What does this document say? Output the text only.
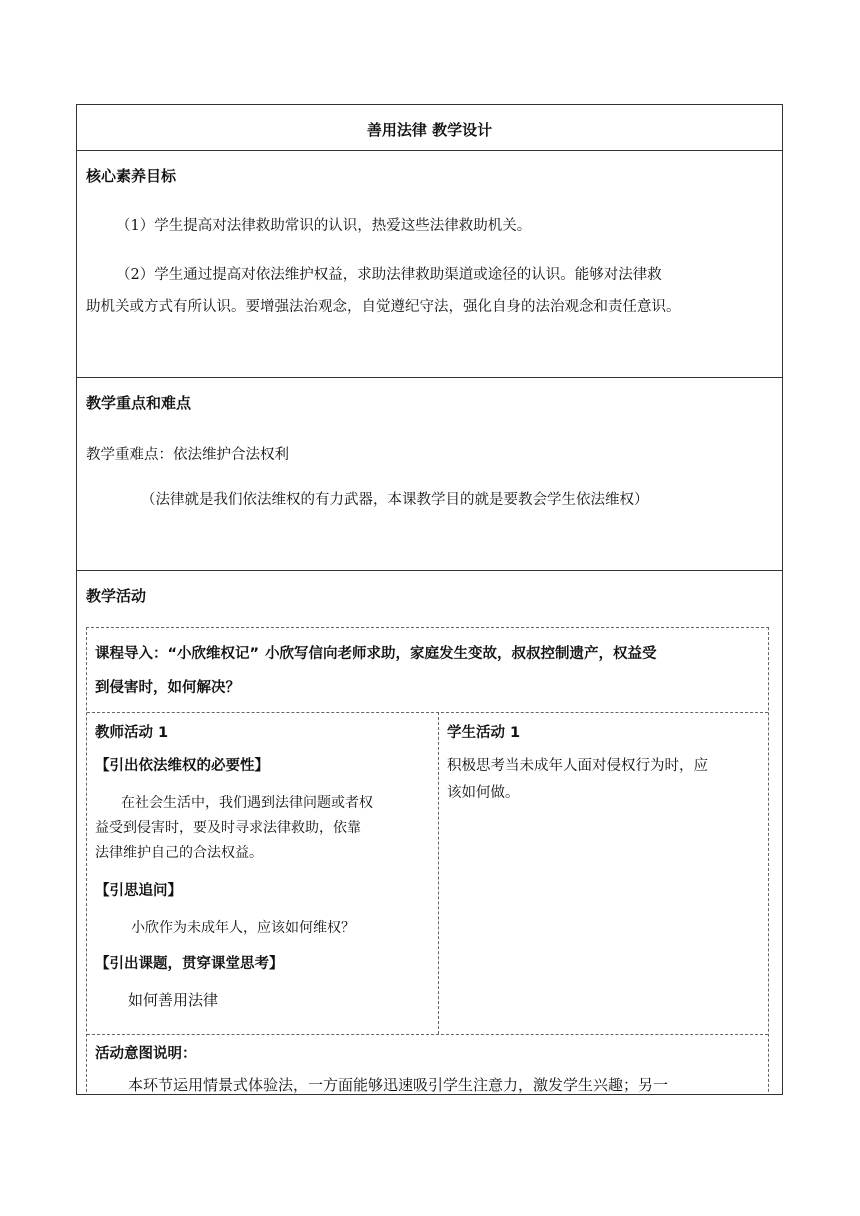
善用法律 教学设计
核心素养目标
（1）学生提高对法律救助常识的认识，热爱这些法律救助机关。
（2）学生通过提高对依法维护权益，求助法律救助渠道或途径的认识。能够对法律救
助机关或方式有所认识。要增强法治观念，自觉遵纪守法，强化自身的法治观念和责任意识。
教学重点和难点
教学重难点：依法维护合法权利
（法律就是我们依法维权的有力武器，本课教学目的就是要教会学生依法维权）
教学活动
课程导入：“小欣维权记” 小欣写信向老师求助，家庭发生变故，叔叔控制遗产，权益受
到侵害时，如何解决？
教师活动 1
【引出依法维权的必要性】
在社会生活中，我们遇到法律问题或者权
益受到侵害时，要及时寻求法律救助，依靠
法律维护自己的合法权益。
【引思追问】
小欣作为未成年人，应该如何维权？
【引出课题，贯穿课堂思考】
如何善用法律
学生活动 1
积极思考当未成年人面对侵权行为时，应
该如何做。
活动意图说明：
本环节运用情景式体验法，一方面能够迅速吸引学生注意力，激发学生兴趣；另一
